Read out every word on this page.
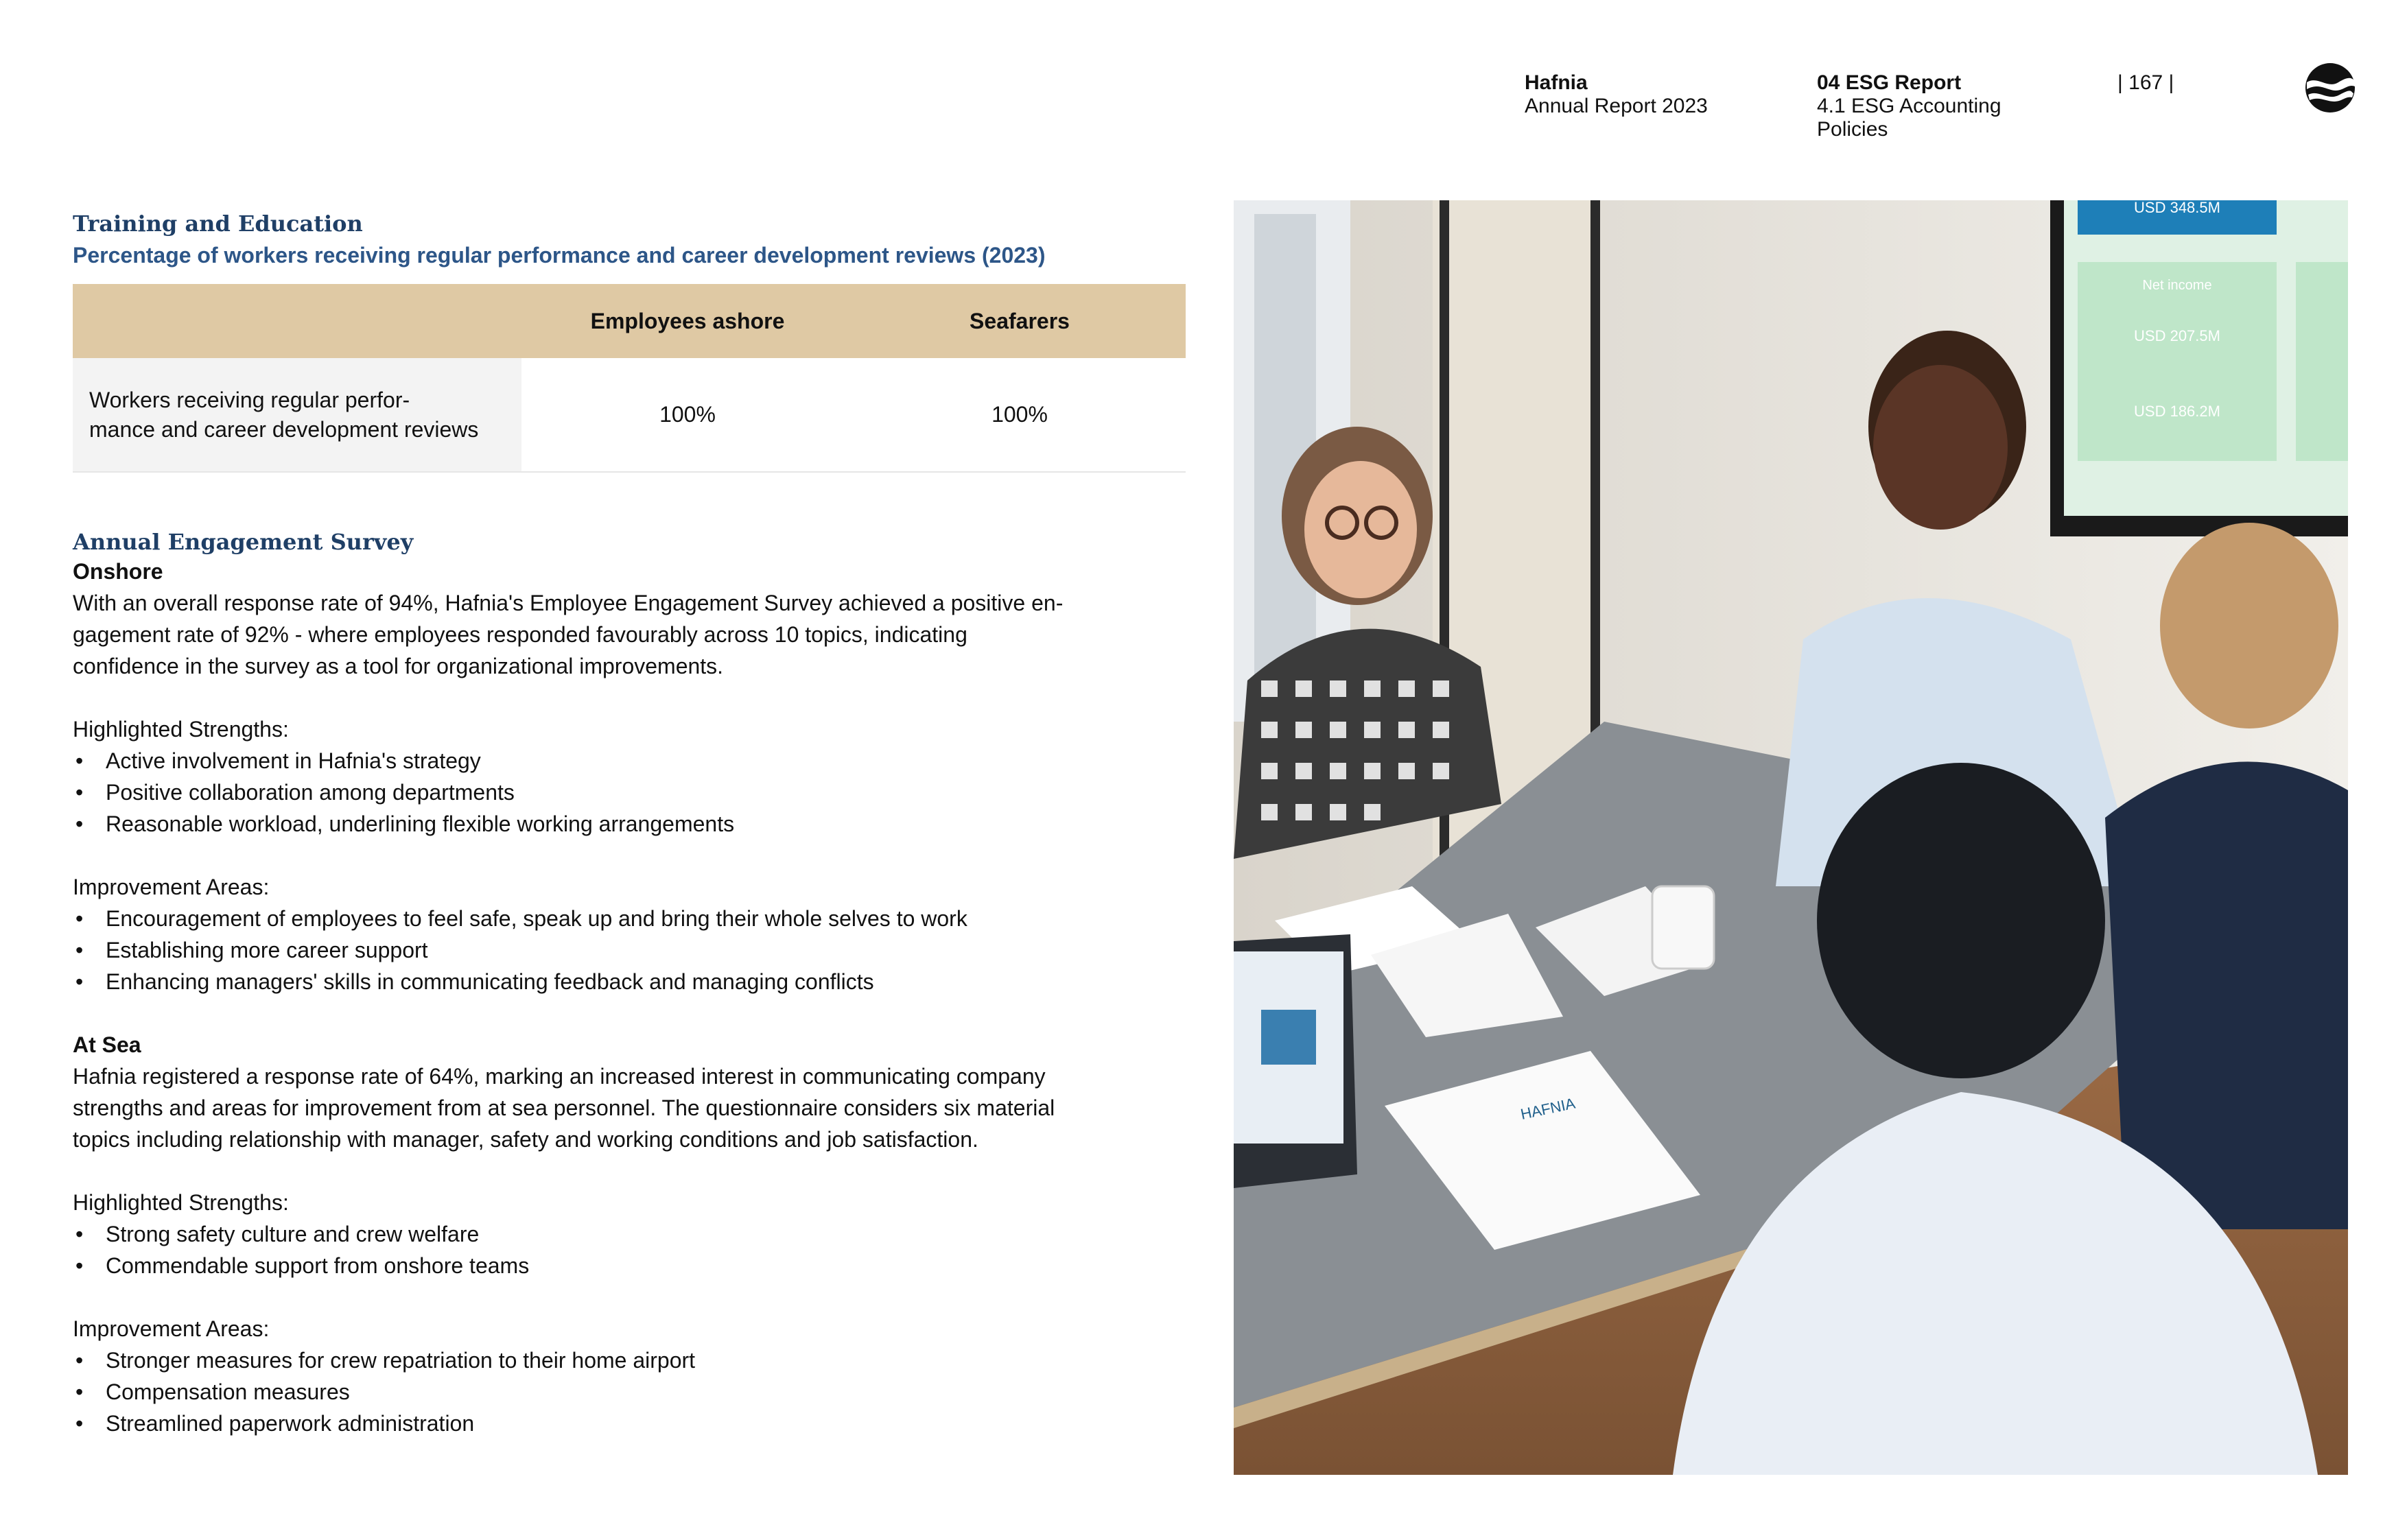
Hafnia
Annual Report 2023
04 ESG Report
4.1 ESG Accounting Policies
| 167 |
Training and Education
Percentage of workers receiving regular performance and career development reviews (2023)
	Employees ashore	Seafarers

Workers receiving regular perfor-
mance and career development reviews	100%	100%
Annual Engagement Survey
Onshore
With an overall response rate of 94%, Hafnia's Employee Engagement Survey achieved a positive en-
gagement rate of 92% - where employees responded favourably across 10 topics, indicating
confidence in the survey as a tool for organizational improvements.
Highlighted Strengths:
• Active involvement in Hafnia's strategy
• Positive collaboration among departments
• Reasonable workload, underlining flexible working arrangements
Improvement Areas:
• Encouragement of employees to feel safe, speak up and bring their whole selves to work
• Establishing more career support
• Enhancing managers' skills in communicating feedback and managing conflicts
At Sea
Hafnia registered a response rate of 64%, marking an increased interest in communicating company
strengths and areas for improvement from at sea personnel. The questionnaire considers six material
topics including relationship with manager, safety and working conditions and job satisfaction.
Highlighted Strengths:
• Strong safety culture and crew welfare
• Commendable support from onshore teams
Improvement Areas:
• Stronger measures for crew repatriation to their home airport
• Compensation measures
• Streamlined paperwork administration
USD 348.5M
Net income
USD 207.5M
USD 186.2M
HAFNIA
